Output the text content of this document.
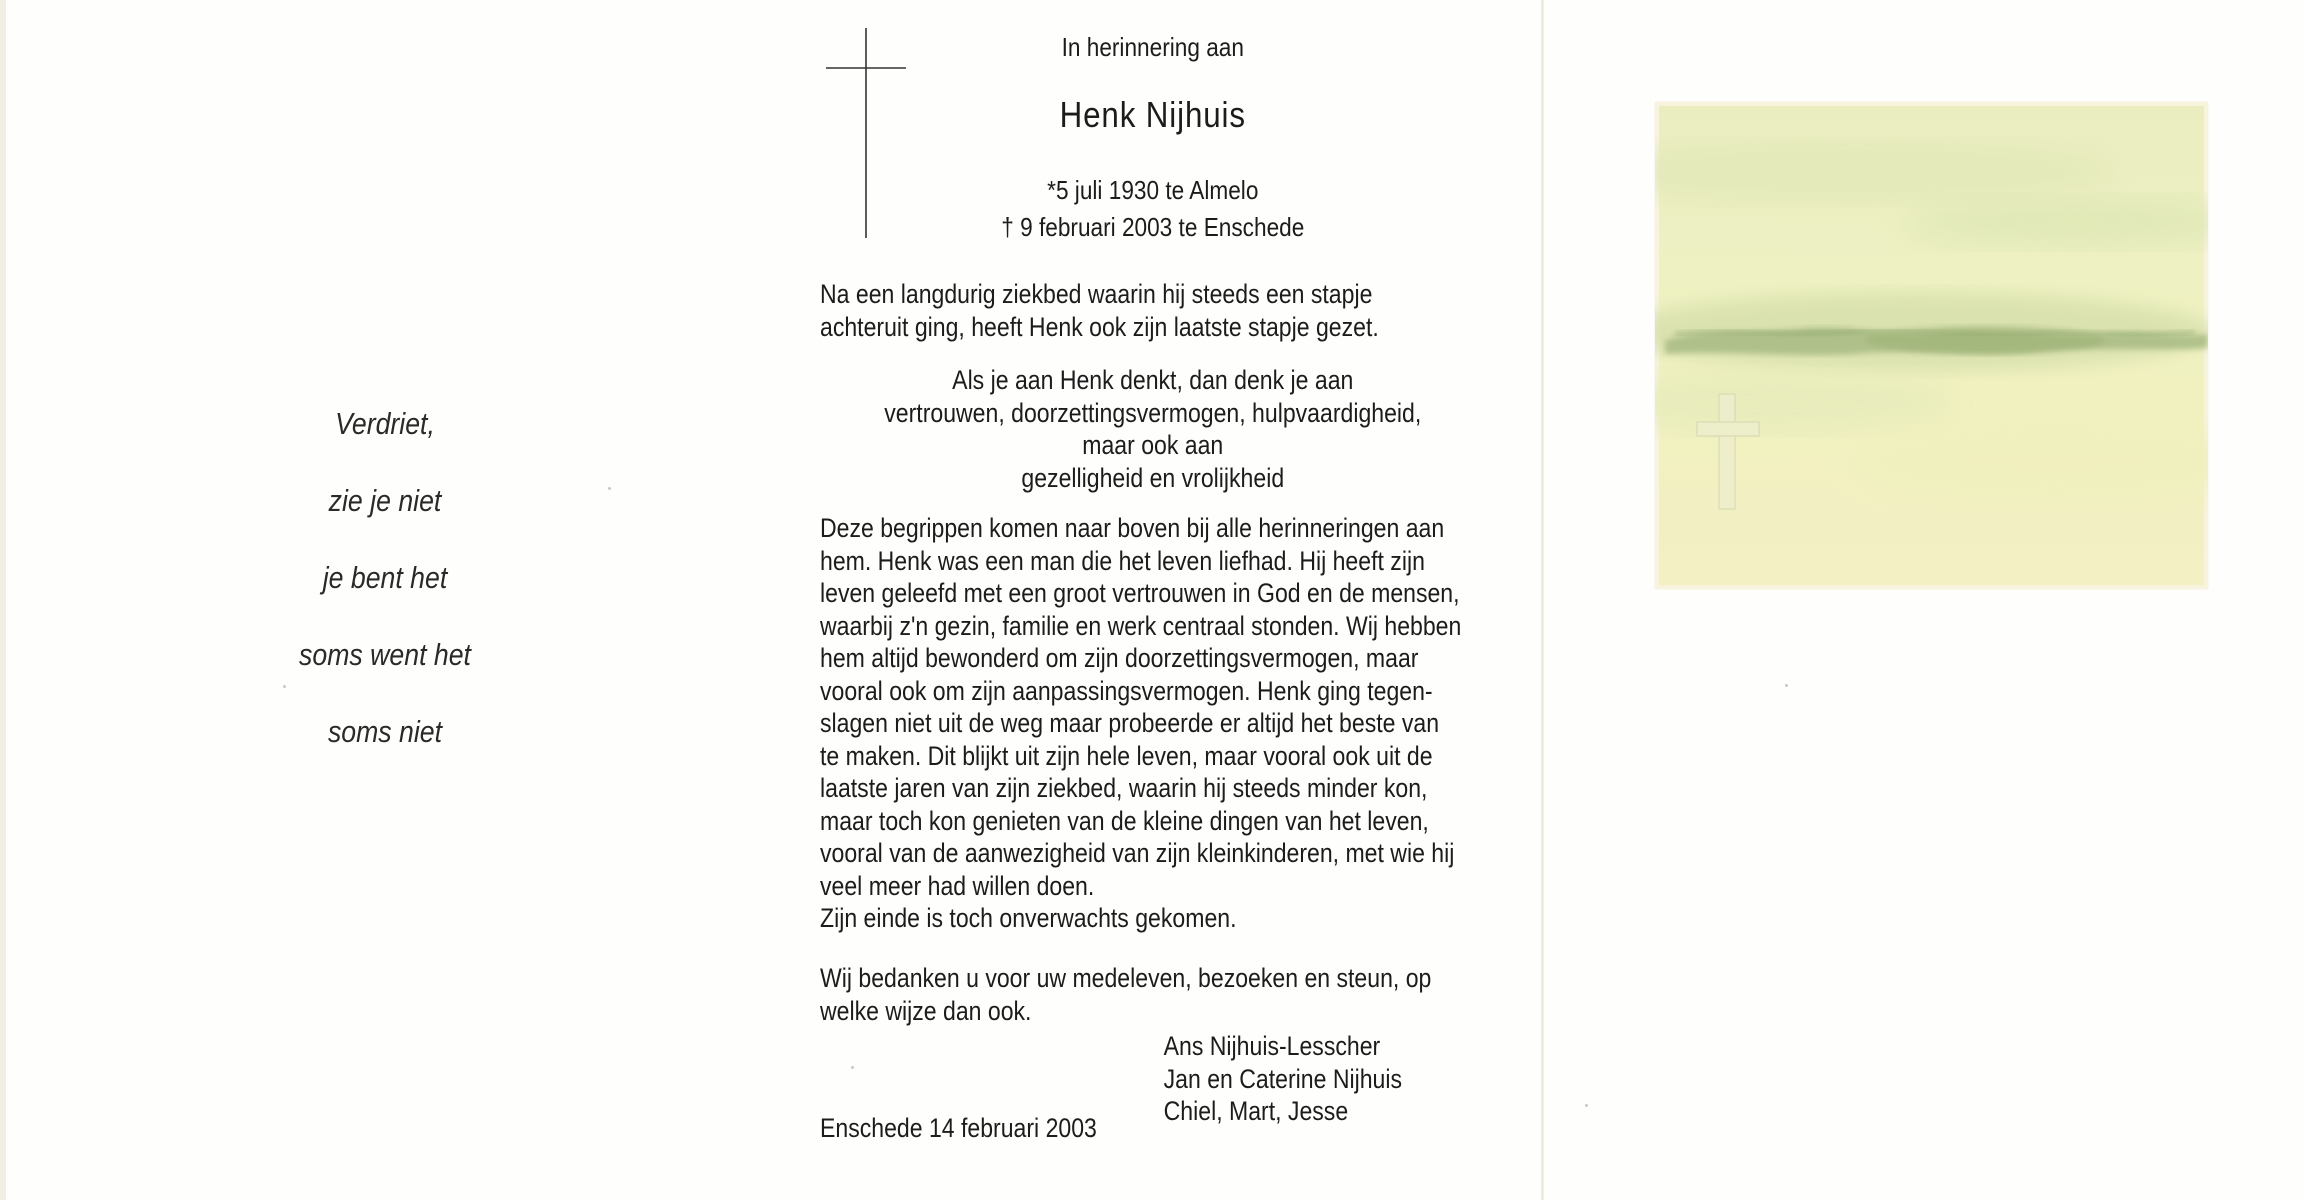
Verdriet,
zie je niet
je bent het
soms went het
soms niet
In herinnering aan
Henk Nijhuis
*5 juli 1930 te Almelo
† 9 februari 2003 te Enschede
Na een langdurig ziekbed waarin hij steeds een stapje
achteruit ging, heeft Henk ook zijn laatste stapje gezet.
Als je aan Henk denkt, dan denk je aan
vertrouwen, doorzettingsvermogen, hulpvaardigheid,
maar ook aan
gezelligheid en vrolijkheid
Deze begrippen komen naar boven bij alle herinneringen aan
hem. Henk was een man die het leven liefhad. Hij heeft zijn
leven geleefd met een groot vertrouwen in God en de mensen,
waarbij z'n gezin, familie en werk centraal stonden. Wij hebben
hem altijd bewonderd om zijn doorzettingsvermogen, maar
vooral ook om zijn aanpassingsvermogen. Henk ging tegen-
slagen niet uit de weg maar probeerde er altijd het beste van
te maken. Dit blijkt uit zijn hele leven, maar vooral ook uit de
laatste jaren van zijn ziekbed, waarin hij steeds minder kon,
maar toch kon genieten van de kleine dingen van het leven,
vooral van de aanwezigheid van zijn kleinkinderen, met wie hij
veel meer had willen doen.
Zijn einde is toch onverwachts gekomen.
Wij bedanken u voor uw medeleven, bezoeken en steun, op
welke wijze dan ook.
Ans Nijhuis-Lesscher
Jan en Caterine Nijhuis
Chiel, Mart, Jesse
Enschede 14 februari 2003
